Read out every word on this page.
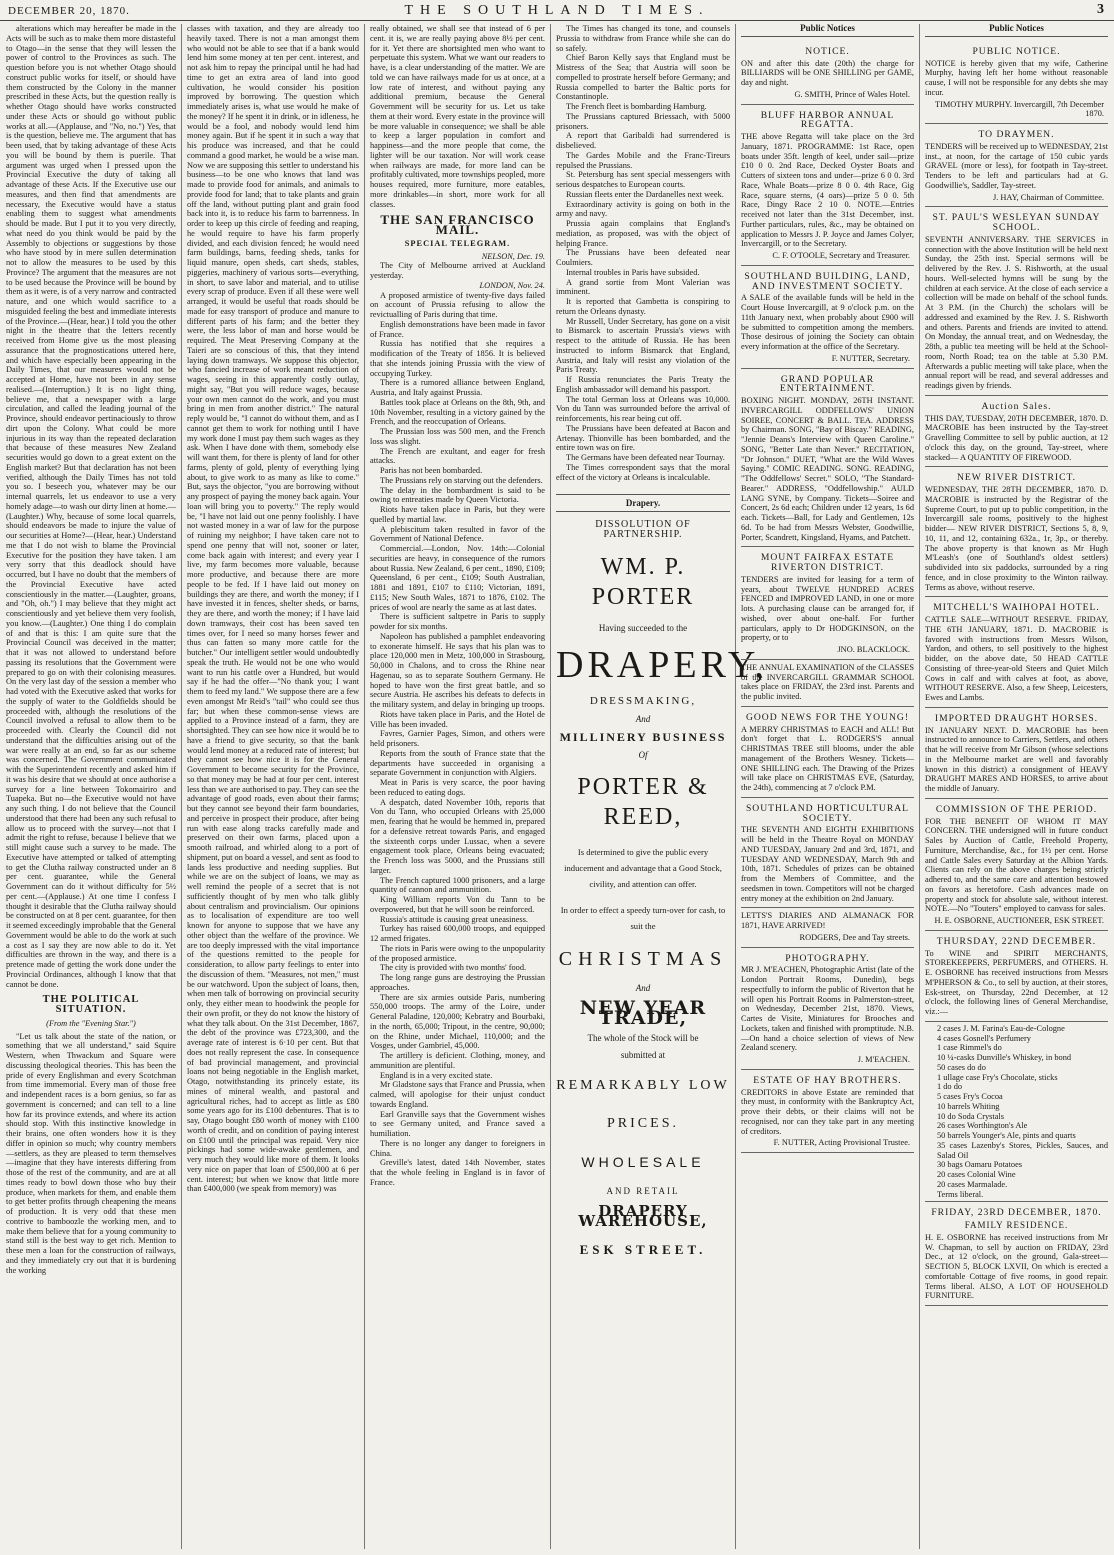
DECEMBER 20, 1870.	THE SOUTHLAND TIMES.	3

alterations which may hereafter be made in the Acts will be such as to make them more distasteful to Otago—in the sense that they will lessen the power of control to the Provinces as such. The question before you is not whether Otago should construct public works for itself, or should have them constructed by the Colony in the manner prescribed in these Acts, but the question really is whether Otago should have works constructed under these Acts or should go without public works at all.—(Applause, and "No, no.") Yes, that is the question, believe me. The argument that has been used, that by taking advantage of these Acts you will be bound by them is puerile. That argument was urged when I pressed upon the Provincial Executive the duty of taking all advantage of these Acts. If the Executive use our measures, and then find that amendments are necessary, the Executive would have a status enabling them to suggest what amendments should be made. But I put it to you very directly, what need do you think would be paid by the Assembly to objections or suggestions by those who have stood by in mere sullen determination not to allow the measures to be used by this Province? The argument that the measures are not to be used because the Province will be bound by them as it were, is of a very narrow and contracted nature, and one which would sacrifice to a misguided feeling the best and immediate interests of the Province.—(Hear, hear.) I told you the other night in the theatre that the letters recently received from Home give us the most pleasing assurance that the prognostications uttered here, and which have especially been appearing in the Daily Times, that our measures would not be accepted at Home, have not been in any sense realised.—(Interruption.) It is no light thing, believe me, that a newspaper with a large circulation, and called the leading journal of the Province, should endeavor pertinaciously to throw dirt upon the Colony. What could be more injurious in its way than the repeated declaration that because of these measures New Zealand securities would go down to a great extent on the English market? But that declaration has not been verified, although the Daily Times has not told you so. I beseech you, whatever may be our internal quarrels, let us endeavor to use a very homely adage—to wash our dirty linen at home.—(Laughter.) Why, because of some local quarrels, should endeavors be made to injure the value of our securities at Home?—(Hear, hear.) Understand me that I do not wish to blame the Provincial Executive for the position they have taken. I am very sorry that this deadlock should have occurred, but I have no doubt that the members of the Provincial Executive have acted conscientiously in the matter.—(Laughter, groans, and "Oh, oh.") I may believe that they might act conscientiously and yet believe them very foolish, you know.—(Laughter.) One thing I do complain of and that is this: I am quite sure that the Provincial Council was deceived in the matter; that it was not allowed to understand before passing its resolutions that the Government were prepared to go on with their colonising measures. On the very last day of the session a member who had voted with the Executive asked that works for the supply of water to the Goldfields should be proceeded with, although the resolutions of the Council involved a refusal to allow them to be proceeded with. Clearly the Council did not understand that the difficulties arising out of the war were really at an end, so far as our scheme was concerned. The Government communicated with the Superintendent recently and asked him if it was his desire that we should at once authorise a survey for a line between Tokomairiro and Tuapeka. But no—the Executive would not have any such thing. I do not believe that the Council understood that there had been any such refusal to allow us to proceed with the survey—not that I admit the right to refuse, because I believe that we still might cause such a survey to be made. The Executive have attempted or talked of attempting to get the Clutha railway constructed under an 8 per cent. guarantee, while the General Government can do it without difficulty for 5½ per cent.—(Applause.) At one time I confess I thought it desirable that the Clutha railway should be constructed on at 8 per cent. guarantee, for then it seemed exceedingly improbable that the General Government would be able to do the work at such a cost as I say they are now able to do it. Yet difficulties are thrown in the way, and there is a pretence made of getting the work done under the Provincial Ordinances, although I know that that cannot be done.

THE POLITICAL SITUATION.
(From the "Evening Star.")

"Let us talk about the state of the nation, or something that we all understand," said Squire Western, when Thwackum and Square were discussing theological theories. This has been the pride of every Englishman and every Scotchman from time immemorial. Every man of those free and independent races is a born genius, so far as government is concerned; and can tell to a line how far its province extends, and where its action should stop. With this instinctive knowledge in their brains, one often wonders how it is they differ in opinion so much; why country members—settlers, as they are pleased to term themselves—imagine that they have interests differing from those of the rest of the community, and are at all times ready to bowl down those who buy their produce, when markets for them, and enable them to get better profits through cheapening the means of production. It is very odd that these men contrive to bamboozle the working men, and to make them believe that for a young community to stand still is the best way to get rich. Mention to these men a loan for the construction of railways, and they immediately cry out that it is burdening the working

classes with taxation, and they are already too heavily taxed. There is not a man amongst them who would not be able to see that if a bank would lend him some money at ten per cent. interest, and not ask him to repay the principal until he had had time to get an extra area of land into good cultivation, he would consider his position improved by borrowing. The question which immediately arises is, what use would he make of the money? If he spent it in drink, or in idleness, he would be a fool, and nobody would lend him money again. But if he spent it in such a way that his produce was increased, and that he could command a good market, he would be a wise man. Now we are supposing this settler to understand his business—to be one who knows that land was made to provide food for animals, and animals to provide food for land; that to take plants and grain off the land, without putting plant and grain food back into it, is to reduce his farm to barrenness. In order to keep up this circle of feeding and reaping, he would require to have his farm properly divided, and each division fenced; he would need farm buildings, barns, feeding sheds, tanks for liquid manure, open sheds, cart sheds, stables, piggeries, machinery of various sorts—everything, in short, to save labor and material, and to utilise every scrap of produce. Even if all these were well arranged, it would be useful that roads should be made for easy transport of produce and manure to different parts of his farm; and the better they were, the less labor of man and horse would be required. The Meat Preserving Company at the Taieri are so conscious of this, that they intend laying down tramways. We suppose this objector, who fancied increase of work meant reduction of wages, seeing in this apparently costly outlay, might say, "But you will reduce wages, because your own men cannot do the work, and you must bring in men from another district." The natural reply would be, "I cannot do without them, and as I cannot get them to work for nothing until I have my work done I must pay them such wages as they ask. When I have done with them, somebody else will want them, for there is plenty of land for other farms, plenty of gold, plenty of everything lying about, to give work to as many as like to come." But, says the objector, "you are borrowing without any prospect of paying the money back again. Your loan will bring you to poverty." The reply would be, "I have not laid out one penny foolishly. I have not wasted money in a war of law for the purpose of ruining my neighbor; I have taken care not to spend one penny that will not, sooner or later, come back again with interest; and every year I live, my farm becomes more valuable, because more productive, and because there are more people to be fed. If I have laid out money on buildings they are there, and worth the money; if I have invested it in fences, shelter sheds, or barns, they are there, and worth the money; if I have laid down tramways, their cost has been saved ten times over, for I need so many horses fewer and thus can fatten so many more cattle for the butcher." Our intelligent settler would undoubtedly speak the truth. He would not be one who would want to run his cattle over a Hundred, but would say if he had the offer—"No thank you; I want them to feed my land." We suppose there are a few even amongst Mr Reid's "tail" who could see thus far; but when these common-sense views are applied to a Province instead of a farm, they are shortsighted. They can see how nice it would be to have a friend to give security, so that the bank would lend money at a reduced rate of interest; but they cannot see how nice it is for the General Government to become security for the Province, so that money may be had at four per cent. interest less than we are authorised to pay. They can see the advantage of good roads, even about their farms; but they cannot see beyond their farm boundaries, and perceive in prospect their produce, after being run with ease along tracks carefully made and preserved on their own farms, placed upon a smooth railroad, and whirled along to a port of shipment, put on board a vessel, and sent as food to lands less productive and needing supplies. But while we are on the subject of loans, we may as well remind the people of a secret that is not sufficiently thought of by men who talk glibly about centralism and provincialism. Our opinions as to localisation of expenditure are too well known for anyone to suppose that we have any other object than the welfare of the province. We are too deeply impressed with the vital importance of the questions remitted to the people for consideration, to allow party feelings to enter into the discussion of them. "Measures, not men," must be our watchword. Upon the subject of loans, then, when men talk of borrowing on provincial security only, they either mean to hoodwink the people for their own profit, or they do not know the history of what they talk about. On the 31st December, 1867, the debt of the province was £723,300, and the average rate of interest is 6·10 per cent. But that does not really represent the case. In consequence of bad provincial management, and provincial loans not being negotiable in the English market, Otago, notwithstanding its princely estate, its mines of mineral wealth, and pastoral and agricultural riches, had to accept as little as £80 some years ago for its £100 debentures. That is to say, Otago bought £80 worth of money with £100 worth of credit, and on condition of paying interest on £100 until the principal was repaid. Very nice pickings had some wide-awake gentlemen, and very much they would like more of them. It looks very nice on paper that loan of £500,000 at 6 per cent. interest; but when we know that little more than £400,000 (we speak from memory) was

really obtained, we shall see that instead of 6 per cent. it is, we are really paying above 8½ per cent. for it. Yet there are shortsighted men who want to perpetuate this system. What we want our readers to have, is a clear understanding of the matter. We are told we can have railways made for us at once, at a low rate of interest, and without paying any additional premium, because the General Government will be security for us. Let us take them at their word. Every estate in the province will be more valuable in consequence; we shall be able to keep a larger population in comfort and happiness—and the more people that come, the lighter will be our taxation. Nor will work cease when railways are made, for more land can be profitably cultivated, more townships peopled, more houses required, more furniture, more eatables, more drinkables—in short, more work for all classes.

THE SAN FRANCISCO MAIL.
SPECIAL TELEGRAM.
NELSON, Dec. 19.

The City of Melbourne arrived at Auckland yesterday.

LONDON, Nov. 24.

A proposed armistice of twenty-five days failed on account of Prussia refusing to allow the revictualling of Paris during that time.

English demonstrations have been made in favor of France.

Russia has notified that she requires a modification of the Treaty of 1856. It is believed that she intends joining Prussia with the view of occupying Turkey.

There is a rumored alliance between England, Austria, and Italy against Prussia.

Battles took place at Orleans on the 8th, 9th, and 10th November, resulting in a victory gained by the French, and the reoccupation of Orleans.

The Prussian loss was 500 men, and the French loss was slight.

The French are exultant, and eager for fresh attacks.

Paris has not been bombarded.

The Prussians rely on starving out the defenders.

The delay in the bombardment is said to be owing to entreaties made by Queen Victoria.

Riots have taken place in Paris, but they were quelled by martial law.

A plebiscitum taken resulted in favor of the Government of National Defence.

Commercial.—London, Nov. 14th:—Colonial securities are heavy, in consequence of the rumors about Russia. New Zealand, 6 per cent., 1890, £109; Queensland, 6 per cent., £109; South Australian, 1881 and 1891, £107 to £110; Victorian, 1891, £115; New South Wales, 1871 to 1876, £102. The prices of wool are nearly the same as at last dates.

There is sufficient saltpetre in Paris to supply powder for six months.

Napoleon has published a pamphlet endeavoring to exonerate himself. He says that his plan was to place 120,000 men in Metz, 100,000 in Strasbourg, 50,000 in Chalons, and to cross the Rhine near Hagenau, so as to separate Southern Germany. He hoped to have won the first great battle, and so secure Austria. He ascribes his defeats to defects in the military system, and delay in bringing up troops.

Riots have taken place in Paris, and the Hotel de Ville has been invaded.

Favres, Garnier Pages, Simon, and others were held prisoners.

Reports from the south of France state that the departments have succeeded in organising a separate Government in conjunction with Algiers.

Meat in Paris is very scarce, the poor having been reduced to eating dogs.

A despatch, dated November 10th, reports that Von du Tann, who occupied Orleans with 25,000 men, fearing that he would be hemmed in, prepared for a defensive retreat towards Paris, and engaged the sixteenth corps under Lussac, when a severe engagement took place, Orleans being evacuated; the French loss was 5000, and the Prussians still larger.

The French captured 1000 prisoners, and a large quantity of cannon and ammunition.

King William reports Von du Tann to be overpowered, but that he will soon be reinforced.

Russia's attitude is causing great uneasiness.

Turkey has raised 600,000 troops, and equipped 12 armed frigates.

The riots in Paris were owing to the unpopularity of the proposed armistice.

The city is provided with two months' food.

The long range guns are destroying the Prussian approaches.

There are six armies outside Paris, numbering 550,000 troops. The army of the Loire, under General Paladine, 120,000; Kebratry and Bourbaki, in the north, 65,000; Tripout, in the centre, 90,000; on the Rhine, under Michael, 110,000; and the Vosges, under Gambriel, 45,000.

The artillery is deficient. Clothing, money, and ammunition are plentiful.

England is in a very excited state.

Mr Gladstone says that France and Prussia, when calmed, will apologise for their unjust conduct towards England.

Earl Granville says that the Government wishes to see Germany united, and France saved a humiliation.

There is no longer any danger to foreigners in China.

Greville's latest, dated 14th November, states that the whole feeling in England is in favor of France.

The Times has changed its tone, and counsels Prussia to withdraw from France while she can do so safely.

Chief Baron Kelly says that England must be Mistress of the Sea; that Austria will soon be compelled to prostrate herself before Germany; and Russia compelled to barter the Baltic ports for Constantinople.

The French fleet is bombarding Hamburg.

The Prussians captured Briessach, with 5000 prisoners.

A report that Garibaldi had surrendered is disbelieved.

The Gardes Mobile and the Franc-Tireurs repulsed the Prussians.

St. Petersburg has sent special messengers with serious despatches to European courts.

Russian fleets enter the Dardanelles next week.

Extraordinary activity is going on both in the army and navy.

Prussia again complains that England's mediation, as proposed, was with the object of helping France.

The Prussians have been defeated near Coulmiers.

Internal troubles in Paris have subsided.

A grand sortie from Mont Valerian was imminent.

It is reported that Gambetta is conspiring to return the Orleans dynasty.

Mr Russell, Under Secretary, has gone on a visit to Bismarck to ascertain Prussia's views with respect to the attitude of Russia. He has been instructed to inform Bismarck that England, Austria, and Italy will resist any violation of the Paris Treaty.

If Russia renunciates the Paris Treaty the English ambassador will demand his passport.

The total German loss at Orleans was 10,000. Von du Tann was surrounded before the arrival of reinforcements, his rear being cut off.

The Prussians have been defeated at Bacon and Artenay. Thionville has been bombarded, and the entire town was on fire.

The Germans have been defeated near Tournay.

The Times correspondent says that the moral effect of the victory at Orleans is incalculable.

Drapery.
DISSOLUTION OF PARTNERSHIP.
WM. P. PORTER
Having succeeded to the
DRAPERY,
DRESSMAKING,
And
MILLINERY BUSINESS
Of
PORTER & REED,
Is determined to give the public every inducement and advantage that a Good Stock, civility, and attention can offer.
In order to effect a speedy turn-over for cash, to suit the
CHRISTMAS
And
NEW YEAR TRADE,
The whole of the Stock will be
submitted at
REMARKABLY LOW
PRICES.
WHOLESALE
AND RETAIL
DRAPERY WAREHOUSE,
ESK STREET.
Public Notices
NOTICE.

ON and after this date (20th) the charge for BILLIARDS will be ONE SHILLING per GAME, day and night.

G. SMITH, Prince of Wales Hotel.
BLUFF HARBOR ANNUAL REGATTA.

THE above Regatta will take place on the 3rd January, 1871. PROGRAMME: 1st Race, open boats under 35ft. length of keel, under sail—prize £10 0 0. 2nd Race, Decked Oyster Boats and Cutters of sixteen tons and under—prize 6 0 0. 3rd Race, Whale Boats—prize 8 0 0. 4th Race, Gig Race, square sterns, (4 oars)—prize 5 0 0. 5th Race, Dingy Race 2 10 0. NOTE.—Entries received not later than the 31st December, inst. Further particulars, rules, &c., may be obtained on application to Messrs J. P. Joyce and James Colyer, Invercargill, or to the Secretary.

C. F. O'TOOLE, Secretary and Treasurer.
SOUTHLAND BUILDING, LAND, AND INVESTMENT SOCIETY.

A SALE of the available funds will be held in the Court House Invercargill, at 9 o'clock p.m. on the 11th January next, when probably about £900 will be submitted to competition among the members. Those desirous of joining the Society can obtain every information at the office of the Secretary.

F. NUTTER, Secretary.
GRAND POPULAR ENTERTAINMENT.

BOXING NIGHT. MONDAY, 26TH INSTANT. INVERCARGILL ODDFELLOWS' UNION SOIREE, CONCERT & BALL. TEA. ADDRESS by Chairman. SONG, "Bay of Biscay." READING, "Jennie Deans's Interview with Queen Caroline." SONG, "Better Late than Never." RECITATION, "Dr Johnson." DUET, "What are the Wild Waves Saying." COMIC READING. SONG. READING, "The Oddfellows' Secret." SOLO, "The Standard-Bearer." ADDRESS, "Oddfellowship." AULD LANG SYNE, by Company. Tickets—Soiree and Concert, 2s 6d each; Children under 12 years, 1s 6d each. Tickets—Ball, for Lady and Gentlemen, 12s 6d. To be had from Messrs Webster, Goodwillie, Porter, Scandrett, Kingsland, Hyams, and Patchett.

MOUNT FAIRFAX ESTATE RIVERTON DISTRICT.

TENDERS are invited for leasing for a term of years, about TWELVE HUNDRED ACRES FENCED and IMPROVED LAND, in one or more lots. A purchasing clause can be arranged for, if wished, over about one-half. For further particulars, apply to Dr HODGKINSON, on the property, or to

JNO. BLACKLOCK.

THE ANNUAL EXAMINATION of the CLASSES of the INVERCARGILL GRAMMAR SCHOOL takes place on FRIDAY, the 23rd inst. Parents and the public invited.

GOOD NEWS FOR THE YOUNG!

A MERRY CHRISTMAS to EACH and ALL! But don't forget that L. RODGERS'S annual CHRISTMAS TREE still blooms, under the able management of the Brothers Wesney. Tickets—ONE SHILLING each. The Drawing of the Prizes will take place on CHRISTMAS EVE, (Saturday, the 24th), commencing at 7 o'clock P.M.

SOUTHLAND HORTICULTURAL SOCIETY.

THE SEVENTH AND EIGHTH EXHIBITIONS will be held in the Theatre Royal on MONDAY AND TUESDAY, January 2nd and 3rd, 1871, and TUESDAY AND WEDNESDAY, March 9th and 10th, 1871. Schedules of prizes can be obtained from the Members of Committee, and the seedsmen in town. Competitors will not be charged entry money at the exhibition on 2nd January.

LETTS'S DIARIES AND ALMANACK FOR 1871, HAVE ARRIVED!

RODGERS, Dee and Tay streets.
PHOTOGRAPHY.

MR J. M'EACHEN, Photographic Artist (late of the London Portrait Rooms, Dunedin), begs respectfully to inform the public of Riverton that he will open his Portrait Rooms in Palmerston-street, on Wednesday, December 21st, 1870. Views, Cartes de Visite, Miniatures for Brooches and Lockets, taken and finished with promptitude. N.B.—On hand a choice selection of views of New Zealand scenery.

J. M'EACHEN.
ESTATE OF HAY BROTHERS.

CREDITORS in above Estate are reminded that they must, in conformity with the Bankruptcy Act, prove their debts, or their claims will not be recognised, nor can they take part in any meeting of creditors.

F. NUTTER, Acting Provisional Trustee.
Public Notices
PUBLIC NOTICE.

NOTICE is hereby given that my wife, Catherine Murphy, having left her home without reasonable cause, I will not be responsible for any debts she may incur.

TIMOTHY MURPHY. Invercargill, 7th December 1870.
TO DRAYMEN.

TENDERS will be received up to WEDNESDAY, 21st inst., at noon, for the cartage of 150 cubic yards GRAVEL (more or less), for footpath in Tay-street. Tenders to be left and particulars had at G. Goodwillie's, Saddler, Tay-street.

J. HAY, Chairman of Committee.
ST. PAUL'S WESLEYAN SUNDAY SCHOOL.

SEVENTH ANNIVERSARY. THE SERVICES in connection with the above Institution will be held next Sunday, the 25th inst. Special sermons will be delivered by the Rev. J. S. Rishworth, at the usual hours. Well-selected hymns will be sung by the children at each service. At the close of each service a collection will be made on behalf of the school funds. At 3 P.M. (in the Church) the scholars will be addressed and examined by the Rev. J. S. Rishworth and others. Parents and friends are invited to attend. On Monday, the annual treat, and on Wednesday, the 28th, a public tea meeting will be held at the School-room, North Road; tea on the table at 5.30 P.M. Afterwards a public meeting will take place, when the annual report will be read, and several addresses and readings given by friends.

Auction Sales.

THIS DAY, TUESDAY, 20TH DECEMBER, 1870. D. MACROBIE has been instructed by the Tay-street Gravelling Committee to sell by public auction, at 12 o'clock this day, on the ground, Tay-street, where stacked— A QUANTITY OF FIREWOOD.

NEW RIVER DISTRICT.

WEDNESDAY, THE 28TH DECEMBER, 1870. D. MACROBIE is instructed by the Registrar of the Supreme Court, to put up to public competition, in the Invercargill sale rooms, positively to the highest bidder— NEW RIVER DISTRICT, Sections 5, 8, 9, 10, 11, and 12, containing 632a., 1r, 3p., or thereby. The above property is that known as Mr Hugh M'Leash's (one of Southland's oldest settlers) subdivided into six paddocks, surrounded by a ring fence, and in close proximity to the Winton railway. Terms as above, without reserve.

MITCHELL'S WAIHOPAI HOTEL.

CATTLE SALE—WITHOUT RESERVE. FRIDAY, THE 6TH JANUARY, 1871. D. MACROBIE is favored with instructions from Messrs Wilson, Yardon, and others, to sell positively to the highest bidder, on the above date, 50 HEAD CATTLE Consisting of three-year-old Steers and Quiet Milch Cows in calf and with calves at foot, as above, WITHOUT RESERVE. Also, a few Sheep, Leicesters, Ewes and Lambs.

IMPORTED DRAUGHT HORSES.

IN JANUARY NEXT. D. MACROBIE has been instructed to announce to Carriers, Settlers, and others that he will receive from Mr Gibson (whose selections in the Melbourne market are well and favorably known in this district) a consignment of HEAVY DRAUGHT MARES AND HORSES, to arrive about the middle of January.

COMMISSION OF THE PERIOD.

FOR THE BENEFIT OF WHOM IT MAY CONCERN. THE undersigned will in future conduct Sales by Auction of Cattle, Freehold Property, Furniture, Merchandise, &c., for 1½ per cent. Horse and Cattle Sales every Saturday at the Albion Yards. Clients can rely on the above charges being strictly adhered to, and the same care and attention bestowed on favors as heretofore. Cash advances made on property and stock for absolute sale, without interest. NOTE.—No "Touters" employed to canvass for sales.

H. E. OSBORNE, AUCTIONEER, ESK STREET.
THURSDAY, 22ND DECEMBER.

To WINE and SPIRIT MERCHANTS, STOREKEEPERS, PERFUMERS, and OTHERS. H. E. OSBORNE has received instructions from Messrs M'PHERSON & Co., to sell by auction, at their stores, Esk-street, on Thursday, 22nd December, at 12 o'clock, the following lines of General Merchandise, viz.:—

2 cases J. M. Farina's Eau-de-Cologne
4 cases Gosnell's Perfumery
1 case Rimmel's do
10 ¼-casks Dunville's Whiskey, in bond
50 cases do do
1 ullage case Fry's Chocolate, sticks
1 do do
5 cases Fry's Cocoa
10 barrels Whiting
10 do Soda Crystals
26 cases Worthington's Ale
50 barrels Younger's Ale, pints and quarts
35 cases Lazenby's Stores, Pickles, Sauces, and Salad Oil
30 bags Oamaru Potatoes
20 cases Colonial Wine
20 cases Marmalade.
Terms liberal.
FRIDAY, 23RD DECEMBER, 1870.
FAMILY RESIDENCE.

H. E. OSBORNE has received instructions from Mr W. Chapman, to sell by auction on FRIDAY, 23rd Dec., at 12 o'clock, on the ground, Gala-street— SECTION 5, BLOCK LXVII, On which is erected a comfortable Cottage of five rooms, in good repair. Terms liberal. ALSO, A LOT OF HOUSEHOLD FURNITURE.
